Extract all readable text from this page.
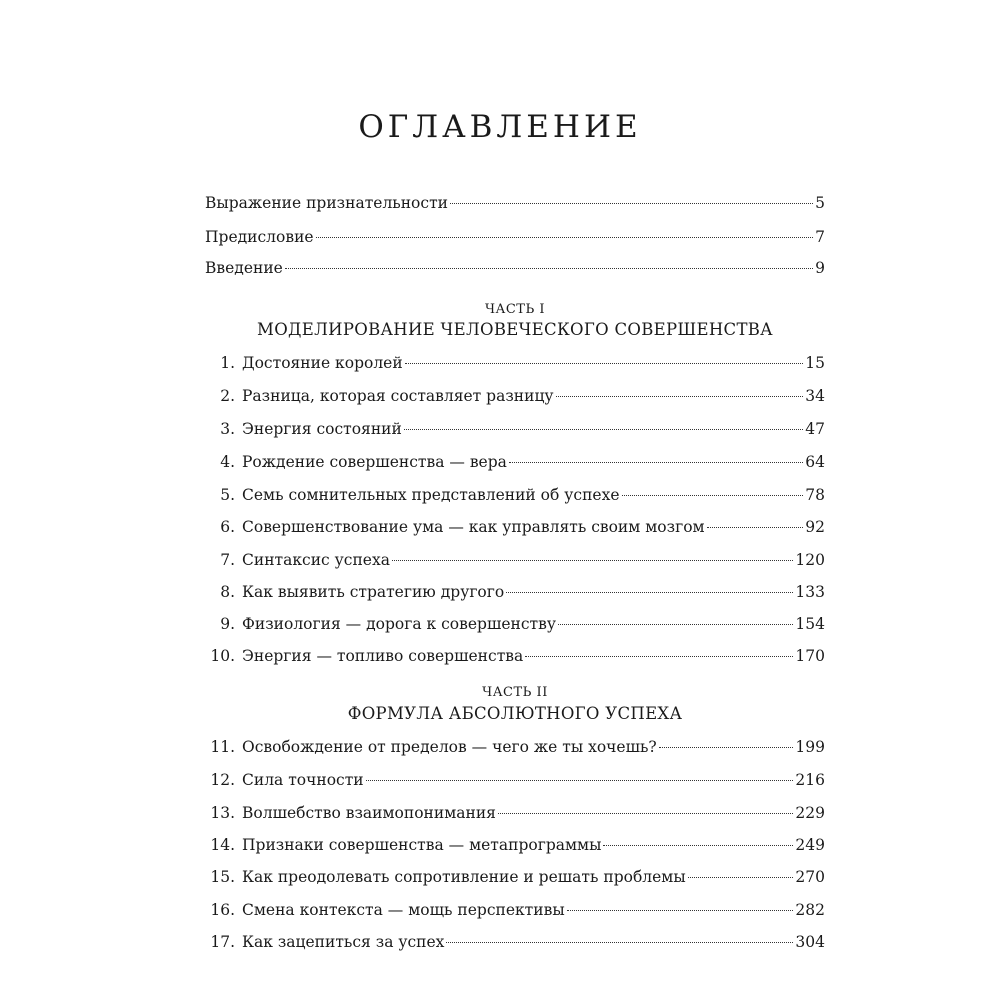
ОГЛАВЛЕНИЕ
Выражение признательности	5
Предисловие	7
Введение	9
ЧАСТЬ I
МОДЕЛИРОВАНИЕ ЧЕЛОВЕЧЕСКОГО СОВЕРШЕНСТВА
1. Достояние королей	15
2. Разница, которая составляет разницу	34
3. Энергия состояний	47
4. Рождение совершенства — вера	64
5. Семь сомнительных представлений об успехе	78
6. Совершенствование ума — как управлять своим мозгом	92
7. Синтаксис успеха	120
8. Как выявить стратегию другого	133
9. Физиология — дорога к совершенству	154
10. Энергия — топливо совершенства	170
ЧАСТЬ II
ФОРМУЛА АБСОЛЮТНОГО УСПЕХА
11. Освобождение от пределов — чего же ты хочешь?	199
12. Сила точности	216
13. Волшебство взаимопонимания	229
14. Признаки совершенства — метапрограммы	249
15. Как преодолевать сопротивление и решать проблемы	270
16. Смена контекста — мощь перспективы	282
17. Как зацепиться за успех	304
